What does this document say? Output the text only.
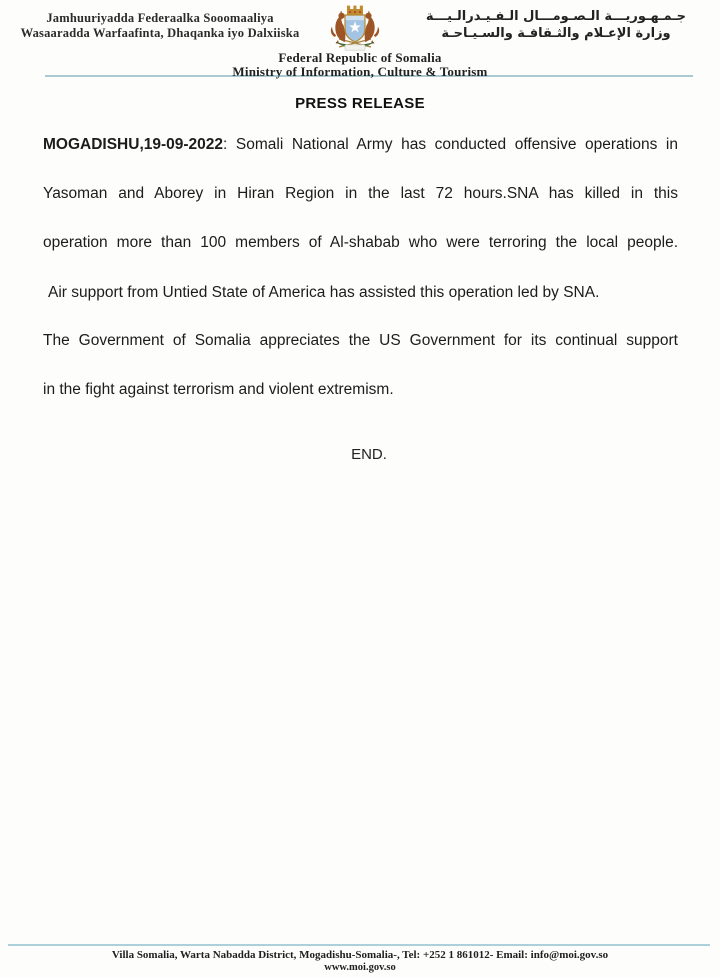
Jamhuuriyadda Federaalka Sooomaaliya
Wasaaradda Warfaafinta, Dhaqanka iyo Dalxiiska
جـمـهـوريـــة الـصـومـــال الـفـيـدرالـيـــة
وزارة الإعـلام والثـقافـة والسـيـاحـة
Federal Republic of Somalia
Ministry of Information, Culture & Tourism
PRESS RELEASE
MOGADISHU,19-09-2022: Somali National Army has conducted offensive operations in
Yasoman and Aborey in Hiran Region in the last 72 hours.SNA has killed in this
operation more than 100 members of Al-shabab who were terroring the local people.
Air support from Untied State of America has assisted this operation led by SNA.
The Government of Somalia appreciates the US Government for its continual support
in the fight against terrorism and violent extremism.
END.
Villa Somalia, Warta Nabadda District, Mogadishu-Somalia-, Tel: +252 1 861012- Email: info@moi.gov.so
www.moi.gov.so
